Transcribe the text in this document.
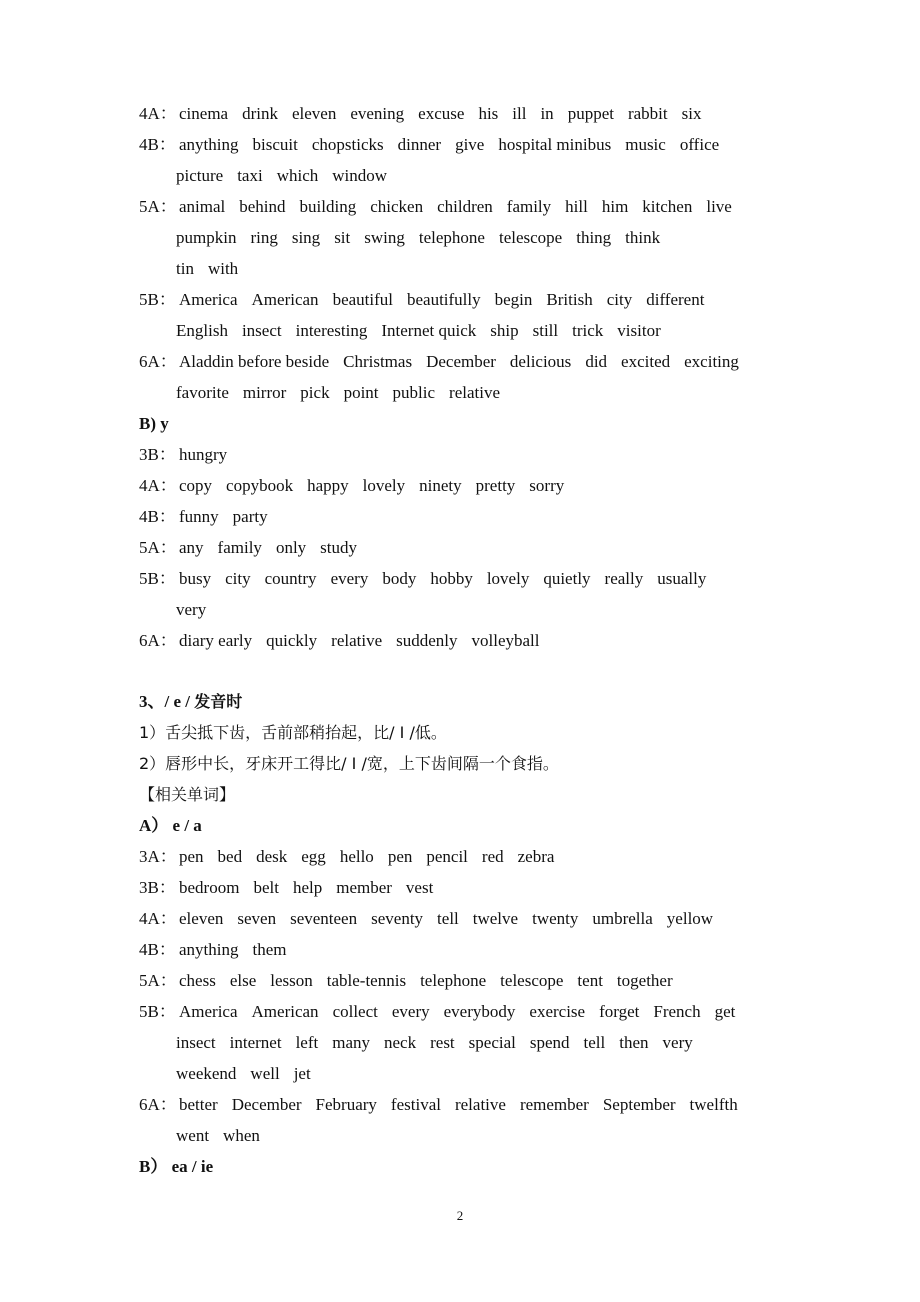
4A： cinema drink eleven evening excuse his ill in puppet rabbit six
4B： anything biscuit chopsticks dinner give hospital minibus music office
picture taxi which window
5A： animal behind building chicken children family hill him kitchen live
pumpkin ring sing sit swing telephone telescope thing think
tin with
5B： America American beautiful beautifully begin British city different
English insect interesting Internet quick ship still trick visitor
6A： Aladdin before beside Christmas December delicious did excited exciting
favorite mirror pick point public relative
B) y
3B： hungry
4A： copy copybook happy lovely ninety pretty sorry
4B： funny party
5A： any family only study
5B： busy city country every body hobby lovely quietly really usually
very
6A： diary early quickly relative suddenly volleyball
3、/ e / 发音时
1）舌尖抵下齿，舌前部稍抬起，比/ I /低。
2）唇形中长，牙床开工得比/ I /宽，上下齿间隔一个食指。
【相关单词】
A） e / a
3A： pen bed desk egg hello pen pencil red zebra
3B： bedroom belt help member vest
4A： eleven seven seventeen seventy tell twelve twenty umbrella yellow
4B： anything them
5A： chess else lesson table-tennis telephone telescope tent together
5B： America American collect every everybody exercise forget French get
insect internet left many neck rest special spend tell then very
weekend well jet
6A： better December February festival relative remember September twelfth
went when
B） ea / ie
2
